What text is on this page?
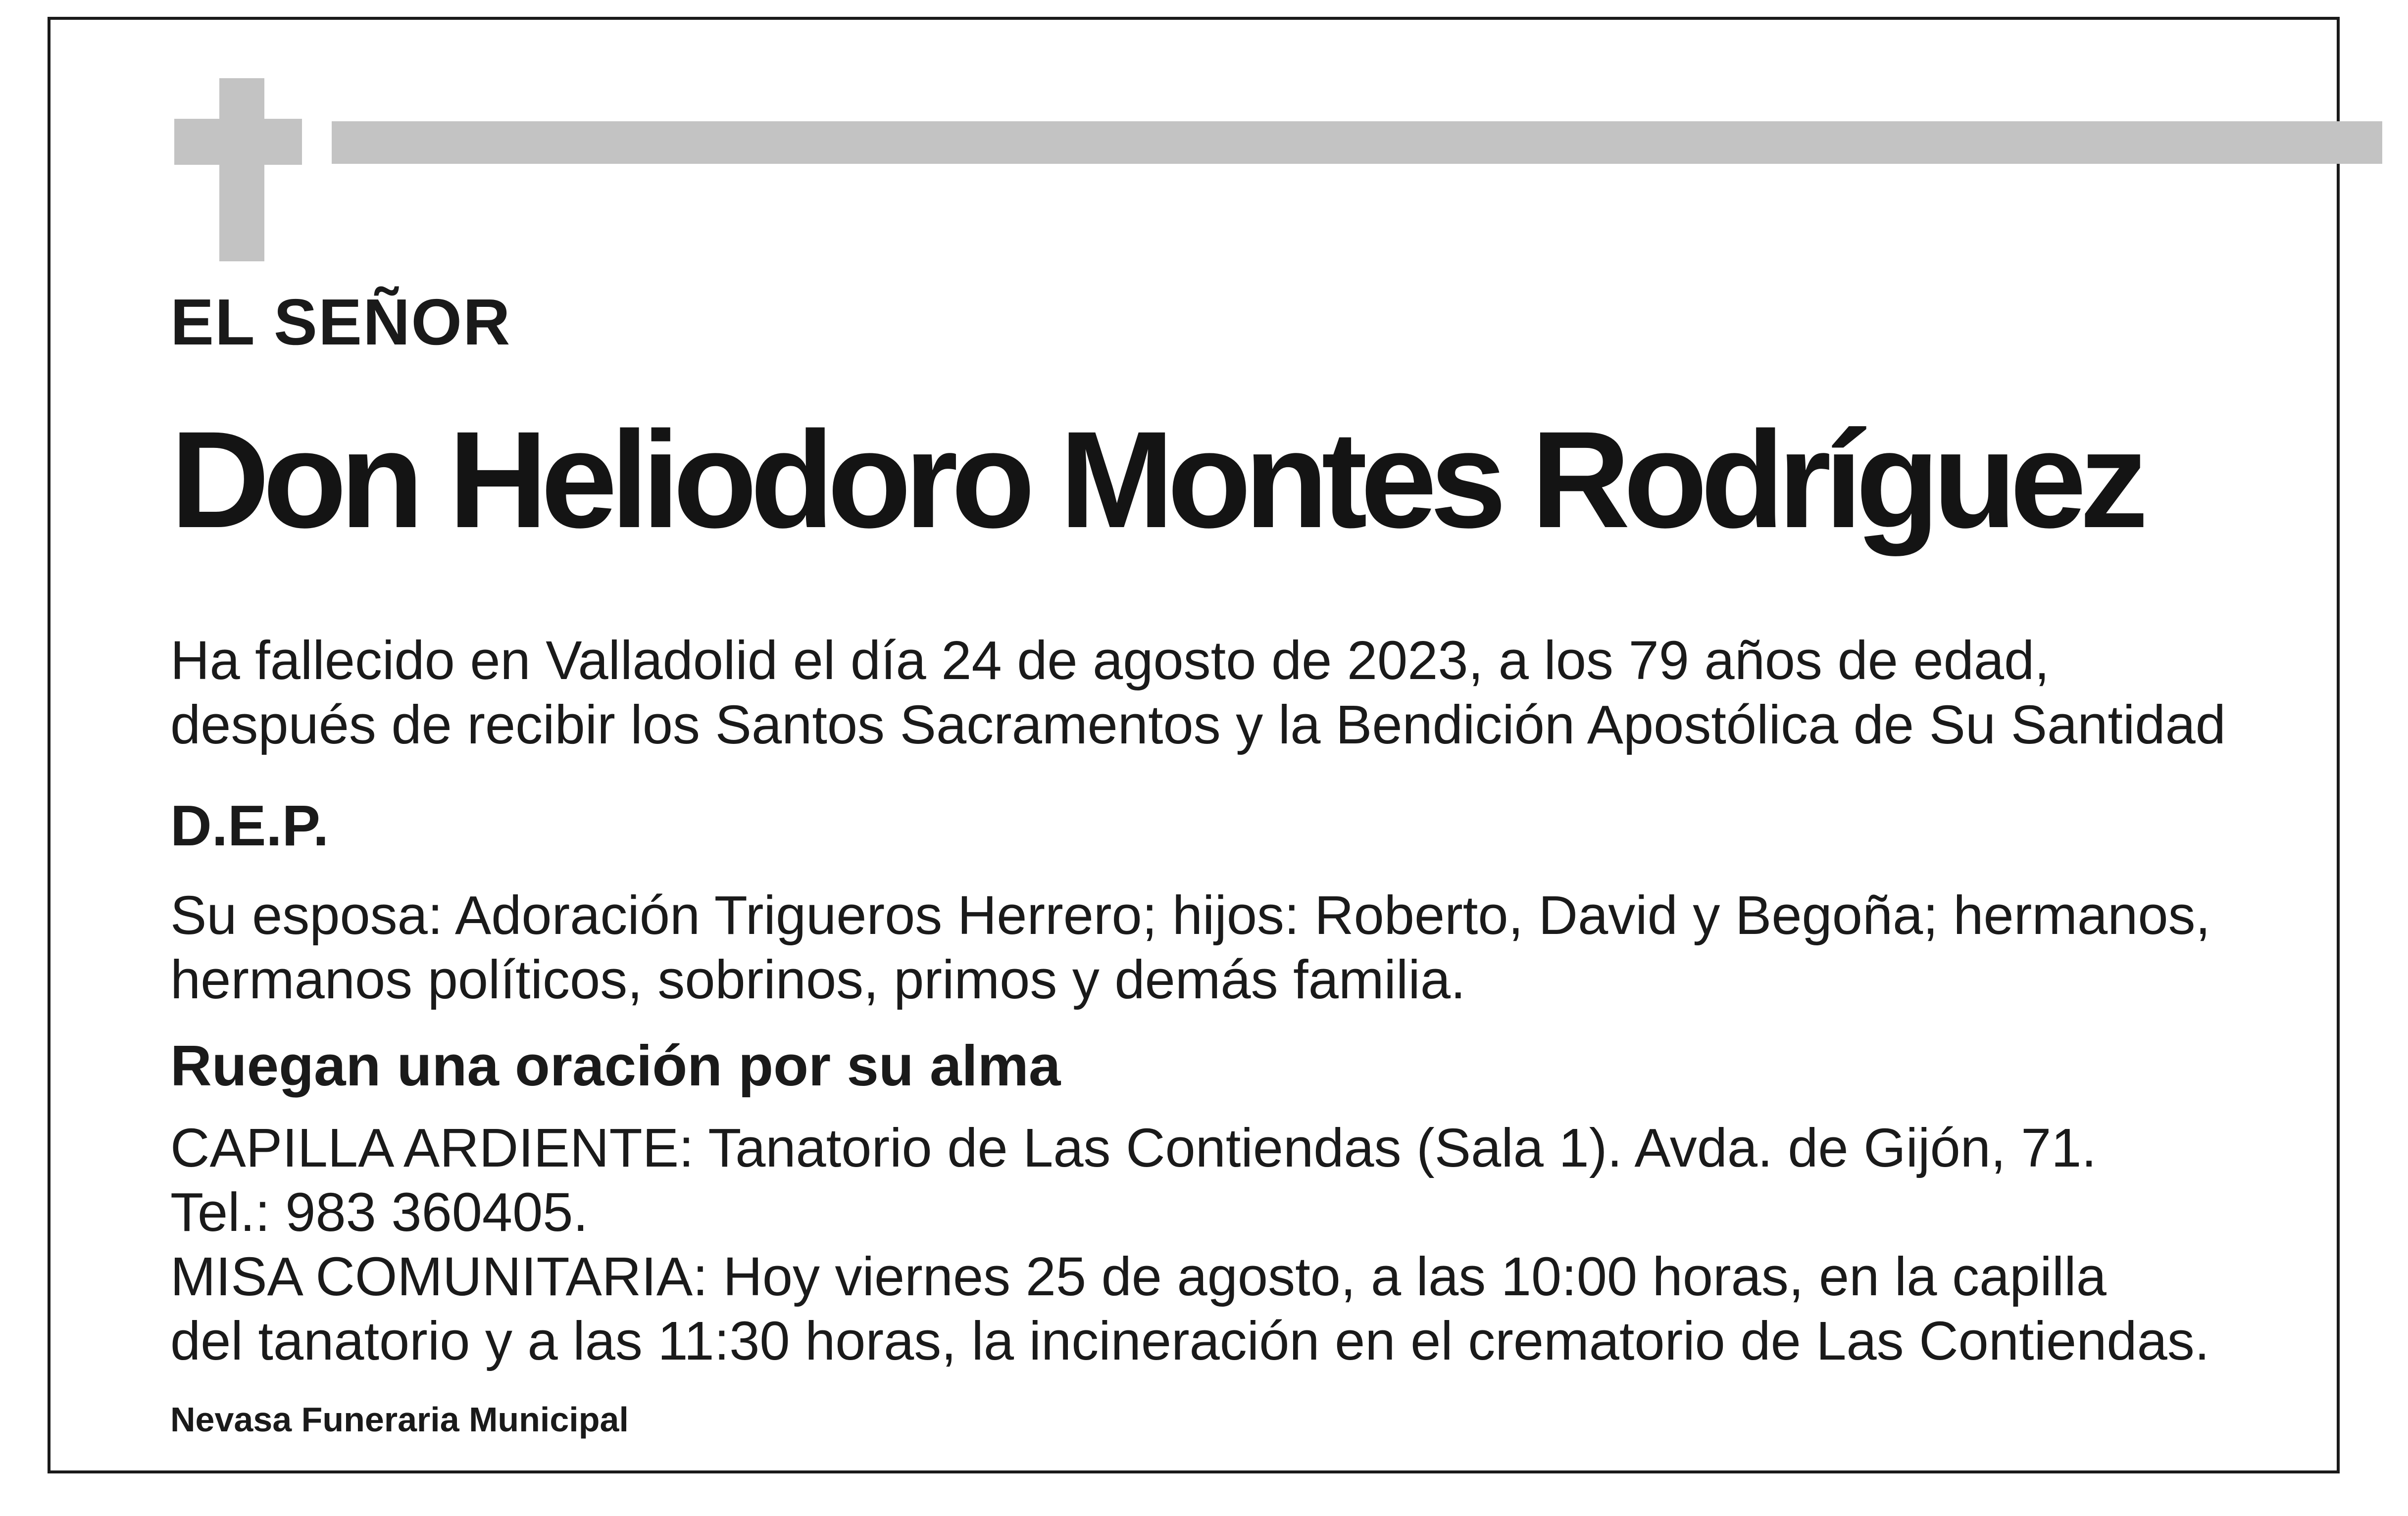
EL SEÑOR

Don Heliodoro Montes Rodríguez

Ha fallecido en Valladolid el día 24 de agosto de 2023, a los 79 años de edad,
después de recibir los Santos Sacramentos y la Bendición Apostólica de Su Santidad

D.E.P.

Su esposa: Adoración Trigueros Herrero; hijos: Roberto, David y Begoña; hermanos,
hermanos políticos, sobrinos, primos y demás familia.

Ruegan una oración por su alma

CAPILLA ARDIENTE: Tanatorio de Las Contiendas (Sala 1). Avda. de Gijón, 71.
Tel.: 983 360405.
MISA COMUNITARIA: Hoy viernes 25 de agosto, a las 10:00 horas, en la capilla
del tanatorio y a las 11:30 horas, la incineración en el crematorio de Las Contiendas.

Nevasa Funeraria Municipal
